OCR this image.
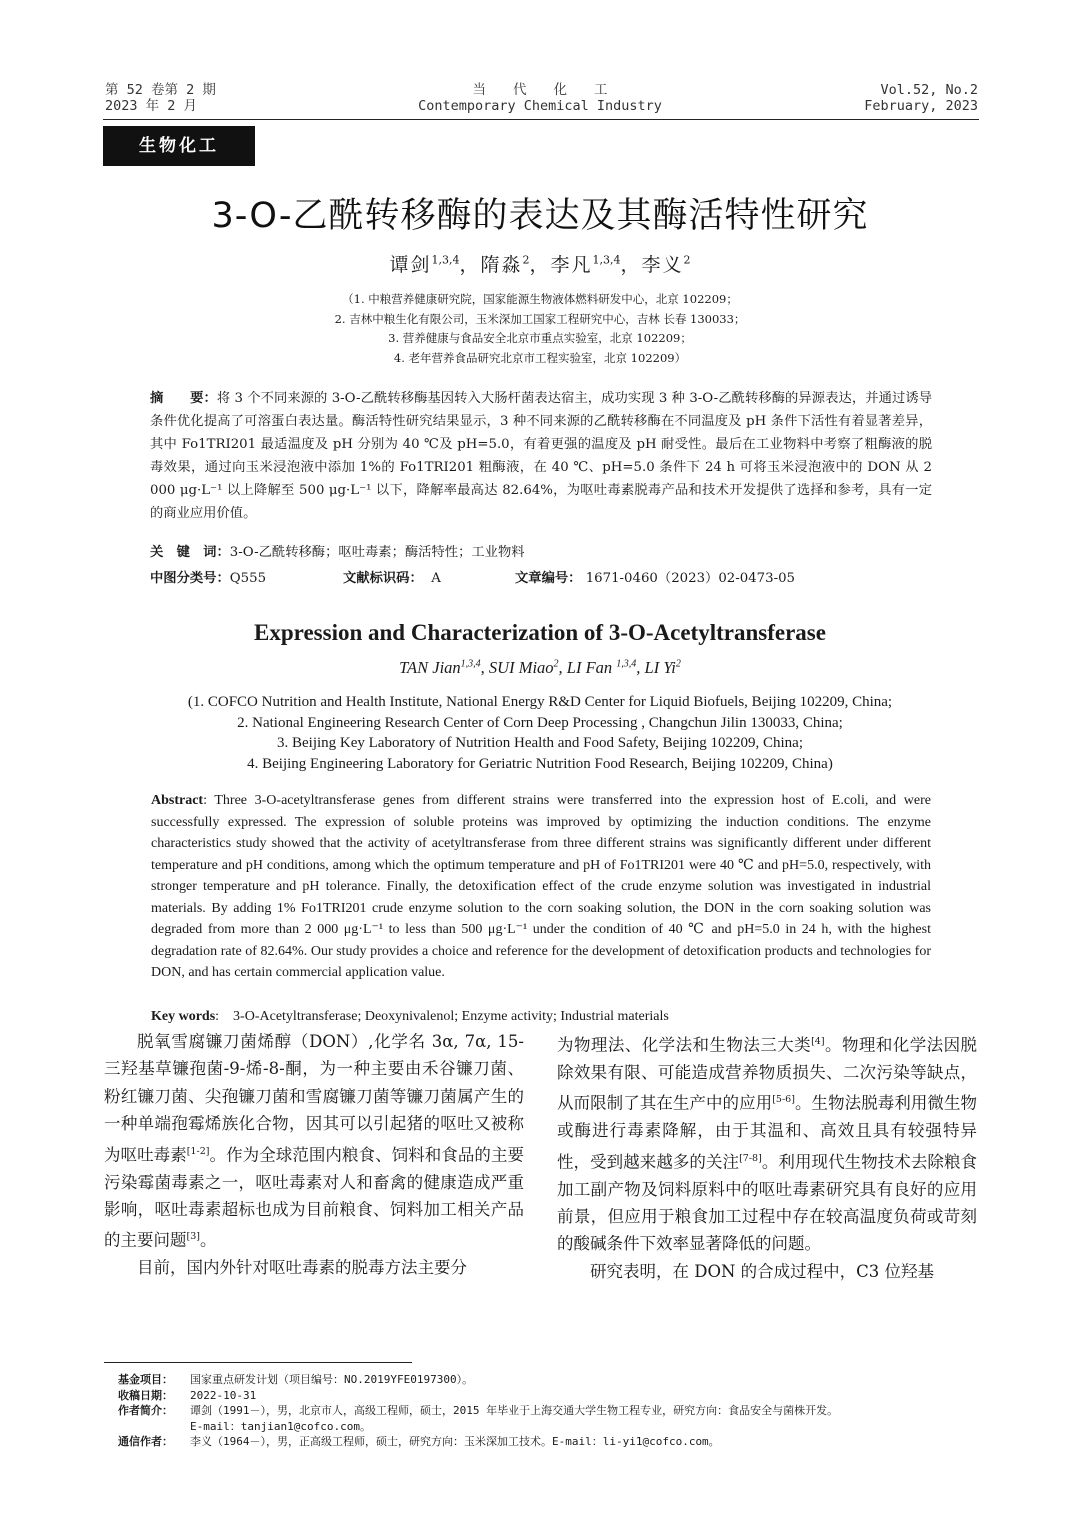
第 52 卷第 2 期
2023 年 2 月
当　　代　　化　　工
Contemporary Chemical Industry
Vol.52, No.2
February, 2023
生物化工
3-O-乙酰转移酶的表达及其酶活特性研究
谭剑$^{1,3,4}$，隋淼$^2$，李凡$^{1,3,4}$，李义$^2$
（1. 中粮营养健康研究院，国家能源生物液体燃料研发中心，北京 102209；
2. 吉林中粮生化有限公司，玉米深加工国家工程研究中心，吉林 长春 130033；
3. 营养健康与食品安全北京市重点实验室，北京 102209；
4. 老年营养食品研究北京市工程实验室，北京 102209）
摘　　要：将 3 个不同来源的 3-O-乙酰转移酶基因转入大肠杆菌表达宿主，成功实现 3 种 3-O-乙酰转移酶的异源表达，并通过诱导条件优化提高了可溶蛋白表达量。酶活特性研究结果显示，3 种不同来源的乙酰转移酶在不同温度及 pH 条件下活性有着显著差异，其中 Fo1TRI201 最适温度及 pH 分别为 40 ℃及 pH=5.0，有着更强的温度及 pH 耐受性。最后在工业物料中考察了粗酶液的脱毒效果，通过向玉米浸泡液中添加 1%的 Fo1TRI201 粗酶液，在 40 ℃、pH=5.0 条件下 24 h 可将玉米浸泡液中的 DON 从 2 000 μg·L⁻¹ 以上降解至 500 μg·L⁻¹ 以下，降解率最高达 82.64%，为呕吐毒素脱毒产品和技术开发提供了选择和参考，具有一定的商业应用价值。
关　键　词：3-O-乙酰转移酶；呕吐毒素；酶活特性；工业物料
中图分类号：Q555	文献标识码： A	文章编号： 1671-0460（2023）02-0473-05
Expression and Characterization of 3-O-Acetyltransferase
TAN Jian$^{1,3,4}$, SUI Miao$^2$, LI Fan $^{1,3,4}$, LI Yi$^2$
(1. COFCO Nutrition and Health Institute, National Energy R&D Center for Liquid Biofuels, Beijing 102209, China;
2. National Engineering Research Center of Corn Deep Processing , Changchun Jilin 130033, China;
3. Beijing Key Laboratory of Nutrition Health and Food Safety, Beijing 102209, China;
4. Beijing Engineering Laboratory for Geriatric Nutrition Food Research, Beijing 102209, China)
Abstract: Three 3-O-acetyltransferase genes from different strains were transferred into the expression host of E.coli, and were successfully expressed. The expression of soluble proteins was improved by optimizing the induction conditions. The enzyme characteristics study showed that the activity of acetyltransferase from three different strains was significantly different under different temperature and pH conditions, among which the optimum temperature and pH of Fo1TRI201 were 40 ℃ and pH=5.0, respectively, with stronger temperature and pH tolerance. Finally, the detoxification effect of the crude enzyme solution was investigated in industrial materials. By adding 1% Fo1TRI201 crude enzyme solution to the corn soaking solution, the DON in the corn soaking solution was degraded from more than 2 000 μg·L⁻¹ to less than 500 μg·L⁻¹ under the condition of 40 ℃ and pH=5.0 in 24 h, with the highest degradation rate of 82.64%. Our study provides a choice and reference for the development of detoxification products and technologies for DON, and has certain commercial application value.
Key words:　3-O-Acetyltransferase; Deoxynivalenol; Enzyme activity; Industrial materials

脱氧雪腐镰刀菌烯醇（DON）,化学名 3α, 7α, 15-三羟基草镰孢菌-9-烯-8-酮，为一种主要由禾谷镰刀菌、粉红镰刀菌、尖孢镰刀菌和雪腐镰刀菌等镰刀菌属产生的一种单端孢霉烯族化合物，因其可以引起猪的呕吐又被称为呕吐毒素[1-2]。作为全球范围内粮食、饲料和食品的主要污染霉菌毒素之一，呕吐毒素对人和畜禽的健康造成严重影响，呕吐毒素超标也成为目前粮食、饲料加工相关产品的主要问题[3]。

目前，国内外针对呕吐毒素的脱毒方法主要分

为物理法、化学法和生物法三大类[4]。物理和化学法因脱除效果有限、可能造成营养物质损失、二次污染等缺点，从而限制了其在生产中的应用[5-6]。生物法脱毒利用微生物或酶进行毒素降解，由于其温和、高效且具有较强特异性，受到越来越多的关注[7-8]。利用现代生物技术去除粮食加工副产物及饲料原料中的呕吐毒素研究具有良好的应用前景，但应用于粮食加工过程中存在较高温度负荷或苛刻的酸碱条件下效率显著降低的问题。

研究表明，在 DON 的合成过程中，C3 位羟基

基金项目：	国家重点研发计划（项目编号：NO.2019YFE0197300）。
收稿日期：	2022-10-31
作者简介：	谭剑（1991－），男，北京市人，高级工程师，硕士，2015 年毕业于上海交通大学生物工程专业，研究方向：食品安全与菌株开发。
E-mail：tanjian1@cofco.com。
通信作者：	李义（1964－），男，正高级工程师，硕士，研究方向：玉米深加工技术。E-mail：li-yi1@cofco.com。
